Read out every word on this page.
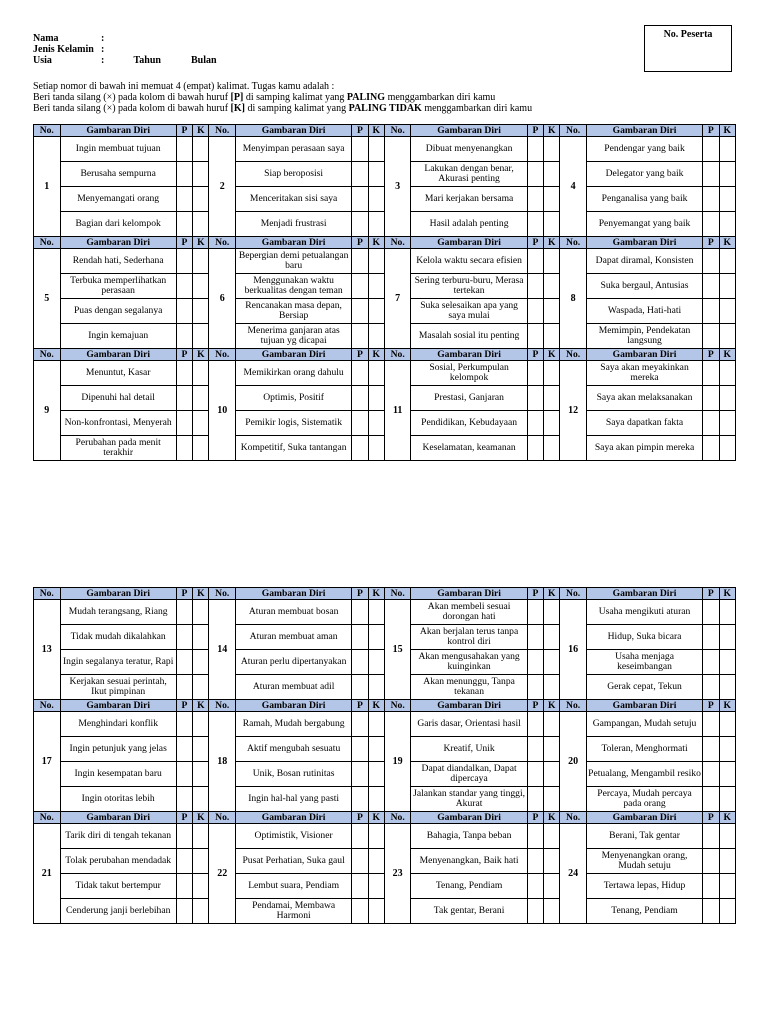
Nama	:
Jenis Kelamin :
Usia	:	Tahun	Bulan
No. Peserta
Setiap nomor di bawah ini memuat 4 (empat) kalimat. Tugas kamu adalah :
Beri tanda silang (×) pada kolom di bawah huruf [P] di samping kalimat yang PALING menggambarkan diri kamu
Beri tanda silang (×) pada kolom di bawah huruf [K] di samping kalimat yang PALING TIDAK menggambarkan diri kamu
No.	Gambaran Diri	P	K	No.	Gambaran Diri	P	K	No.	Gambaran Diri	P	K	No.	Gambaran Diri	P	K
1	Ingin membuat tujuan			2	Menyimpan perasaan saya			3	Dibuat menyenangkan			4	Pendengar yang baik		
	Berusaha sempurna				Siap beroposisi				Lakukan dengan benar, Akurasi penting				Delegator yang baik		
	Menyemangati orang				Menceritakan sisi saya				Mari kerjakan bersama				Penganalisa yang baik		
	Bagian dari kelompok				Menjadi frustrasi				Hasil adalah penting				Penyemangat yang baik		
No.	Gambaran Diri	P	K	No.	Gambaran Diri	P	K	No.	Gambaran Diri	P	K	No.	Gambaran Diri	P	K
5	Rendah hati, Sederhana			6	Bepergian demi petualangan baru			7	Kelola waktu secara efisien			8	Dapat diramal, Konsisten		
	Terbuka memperlihatkan perasaan				Menggunakan waktu berkualitas dengan teman				Sering terburu-buru, Merasa tertekan				Suka bergaul, Antusias		
	Puas dengan segalanya				Rencanakan masa depan, Bersiap				Suka selesaikan apa yang saya mulai				Waspada, Hati-hati		
	Ingin kemajuan				Menerima ganjaran atas tujuan yg dicapai				Masalah sosial itu penting				Memimpin, Pendekatan langsung		
No.	Gambaran Diri	P	K	No.	Gambaran Diri	P	K	No.	Gambaran Diri	P	K	No.	Gambaran Diri	P	K
9	Menuntut, Kasar			10	Memikirkan orang dahulu			11	Sosial, Perkumpulan kelompok			12	Saya akan meyakinkan mereka		
	Dipenuhi hal detail				Optimis, Positif				Prestasi, Ganjaran				Saya akan melaksanakan		
	Non-konfrontasi, Menyerah				Pemikir logis, Sistematik				Pendidikan, Kebudayaan				Saya dapatkan fakta		
	Perubahan pada menit terakhir				Kompetitif, Suka tantangan				Keselamatan, keamanan				Saya akan pimpin mereka		
No.	Gambaran Diri	P	K	No.	Gambaran Diri	P	K	No.	Gambaran Diri	P	K	No.	Gambaran Diri	P	K
13	Mudah terangsang, Riang			14	Aturan membuat bosan			15	Akan membeli sesuai dorongan hati			16	Usaha mengikuti aturan		
	Tidak mudah dikalahkan				Aturan membuat aman				Akan berjalan terus tanpa kontrol diri				Hidup, Suka bicara		
	Ingin segalanya teratur, Rapi				Aturan perlu dipertanyakan				Akan mengusahakan yang kuinginkan				Usaha menjaga keseimbangan		
	Kerjakan sesuai perintah, Ikut pimpinan				Aturan membuat adil				Akan menunggu, Tanpa tekanan				Gerak cepat, Tekun		
No.	Gambaran Diri	P	K	No.	Gambaran Diri	P	K	No.	Gambaran Diri	P	K	No.	Gambaran Diri	P	K
17	Menghindari konflik			18	Ramah, Mudah bergabung			19	Garis dasar, Orientasi hasil			20	Gampangan, Mudah setuju		
	Ingin petunjuk yang jelas				Aktif mengubah sesuatu				Kreatif, Unik				Toleran, Menghormati		
	Ingin kesempatan baru				Unik, Bosan rutinitas				Dapat diandalkan, Dapat dipercaya				Petualang, Mengambil resiko		
	Ingin otoritas lebih				Ingin hal-hal yang pasti				Jalankan standar yang tinggi, Akurat				Percaya, Mudah percaya pada orang		
No.	Gambaran Diri	P	K	No.	Gambaran Diri	P	K	No.	Gambaran Diri	P	K	No.	Gambaran Diri	P	K
21	Tarik diri di tengah tekanan			22	Optimistik, Visioner			23	Bahagia, Tanpa beban			24	Berani, Tak gentar		
	Tolak perubahan mendadak				Pusat Perhatian, Suka gaul				Menyenangkan, Baik hati				Menyenangkan orang, Mudah setuju		
	Tidak takut bertempur				Lembut suara, Pendiam				Tenang, Pendiam				Tertawa lepas, Hidup		
	Cenderung janji berlebihan				Pendamai, Membawa Harmoni				Tak gentar, Berani				Tenang, Pendiam		
